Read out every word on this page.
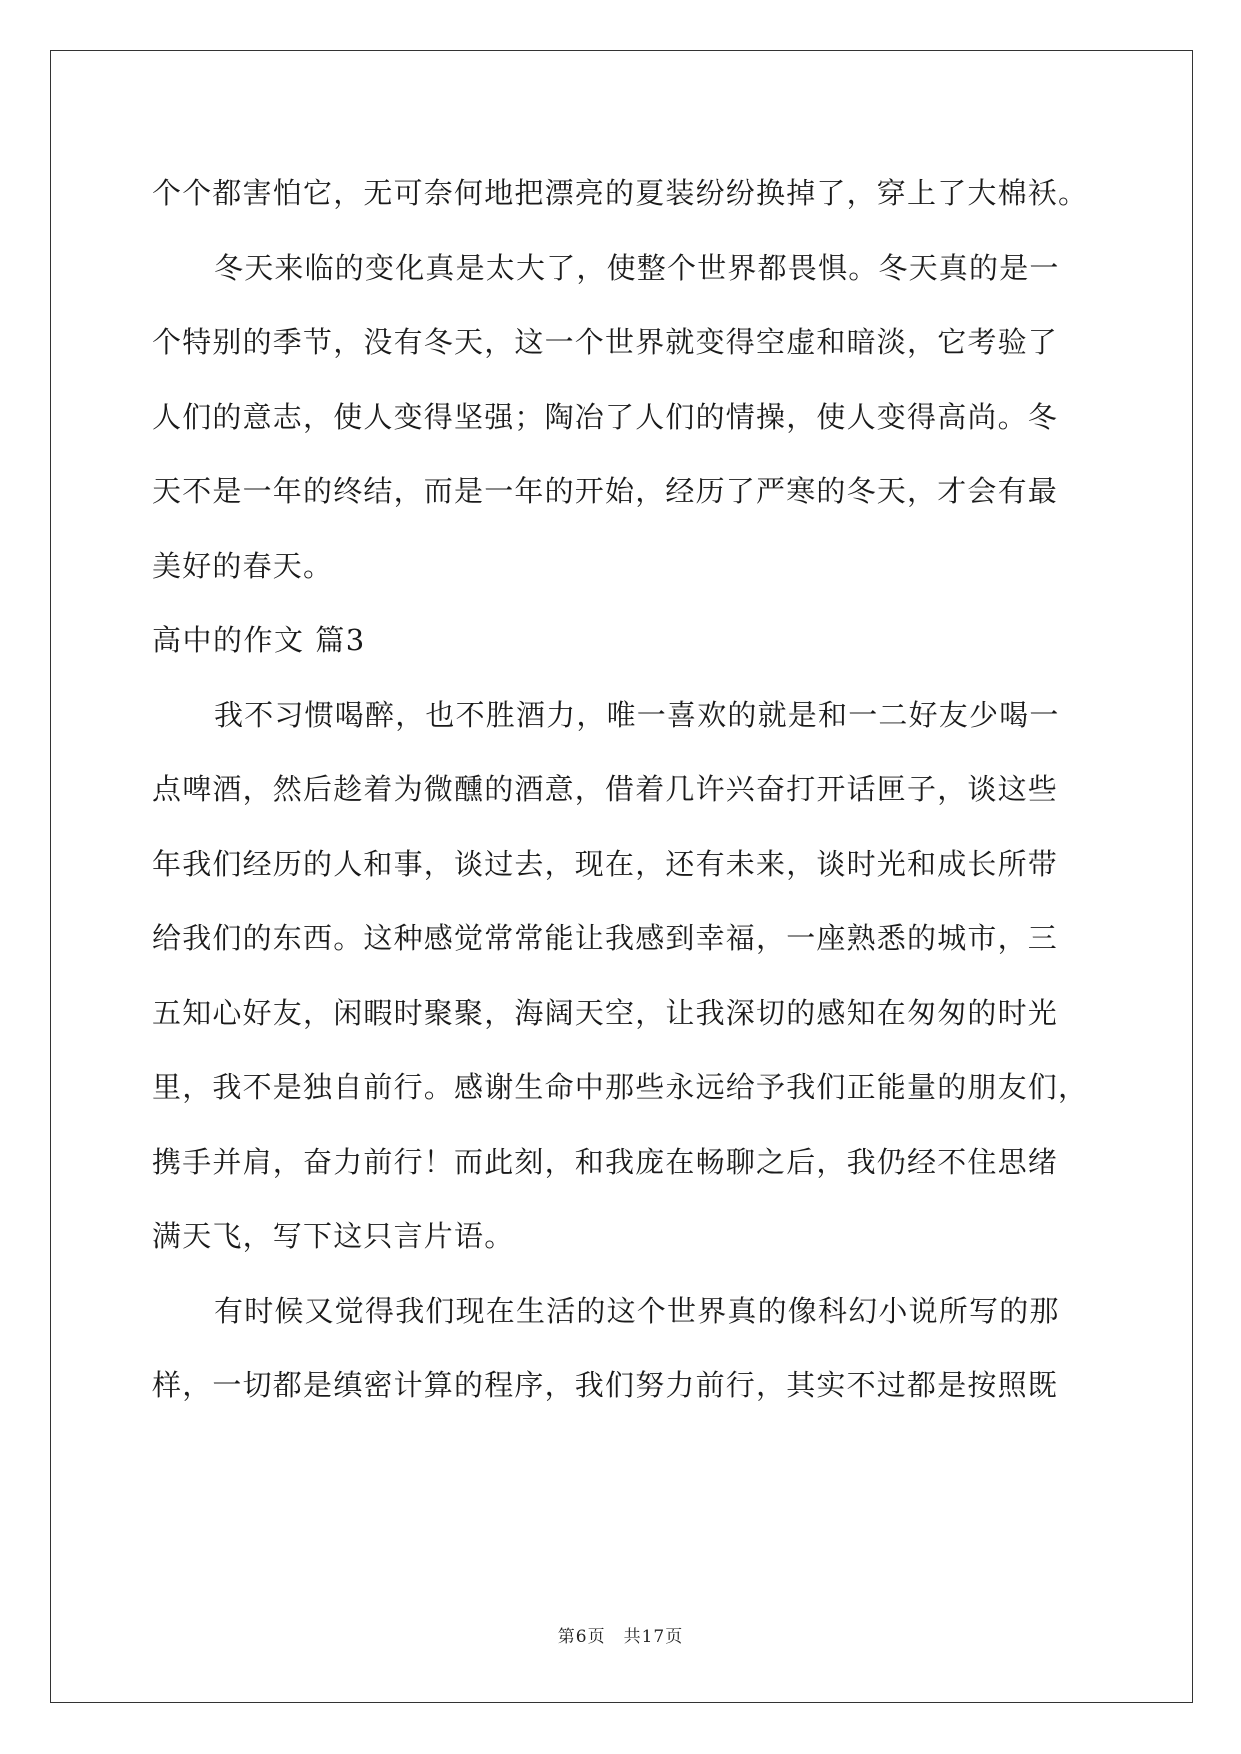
个个都害怕它，无可奈何地把漂亮的夏装纷纷换掉了，穿上了大棉袄。
冬天来临的变化真是太大了，使整个世界都畏惧。冬天真的是一
个特别的季节，没有冬天，这一个世界就变得空虚和暗淡，它考验了
人们的意志，使人变得坚强；陶冶了人们的情操，使人变得高尚。冬
天不是一年的终结，而是一年的开始，经历了严寒的冬天，才会有最
美好的春天。
高中的作文 篇3
我不习惯喝醉，也不胜酒力，唯一喜欢的就是和一二好友少喝一
点啤酒，然后趁着为微醺的酒意，借着几许兴奋打开话匣子，谈这些
年我们经历的人和事，谈过去，现在，还有未来，谈时光和成长所带
给我们的东西。这种感觉常常能让我感到幸福，一座熟悉的城市，三
五知心好友，闲暇时聚聚，海阔天空，让我深切的感知在匆匆的时光
里，我不是独自前行。感谢生命中那些永远给予我们正能量的朋友们，
携手并肩，奋力前行！而此刻，和我庞在畅聊之后，我仍经不住思绪
满天飞，写下这只言片语。
有时候又觉得我们现在生活的这个世界真的像科幻小说所写的那
样，一切都是缜密计算的程序，我们努力前行，其实不过都是按照既
第6页 共17页
